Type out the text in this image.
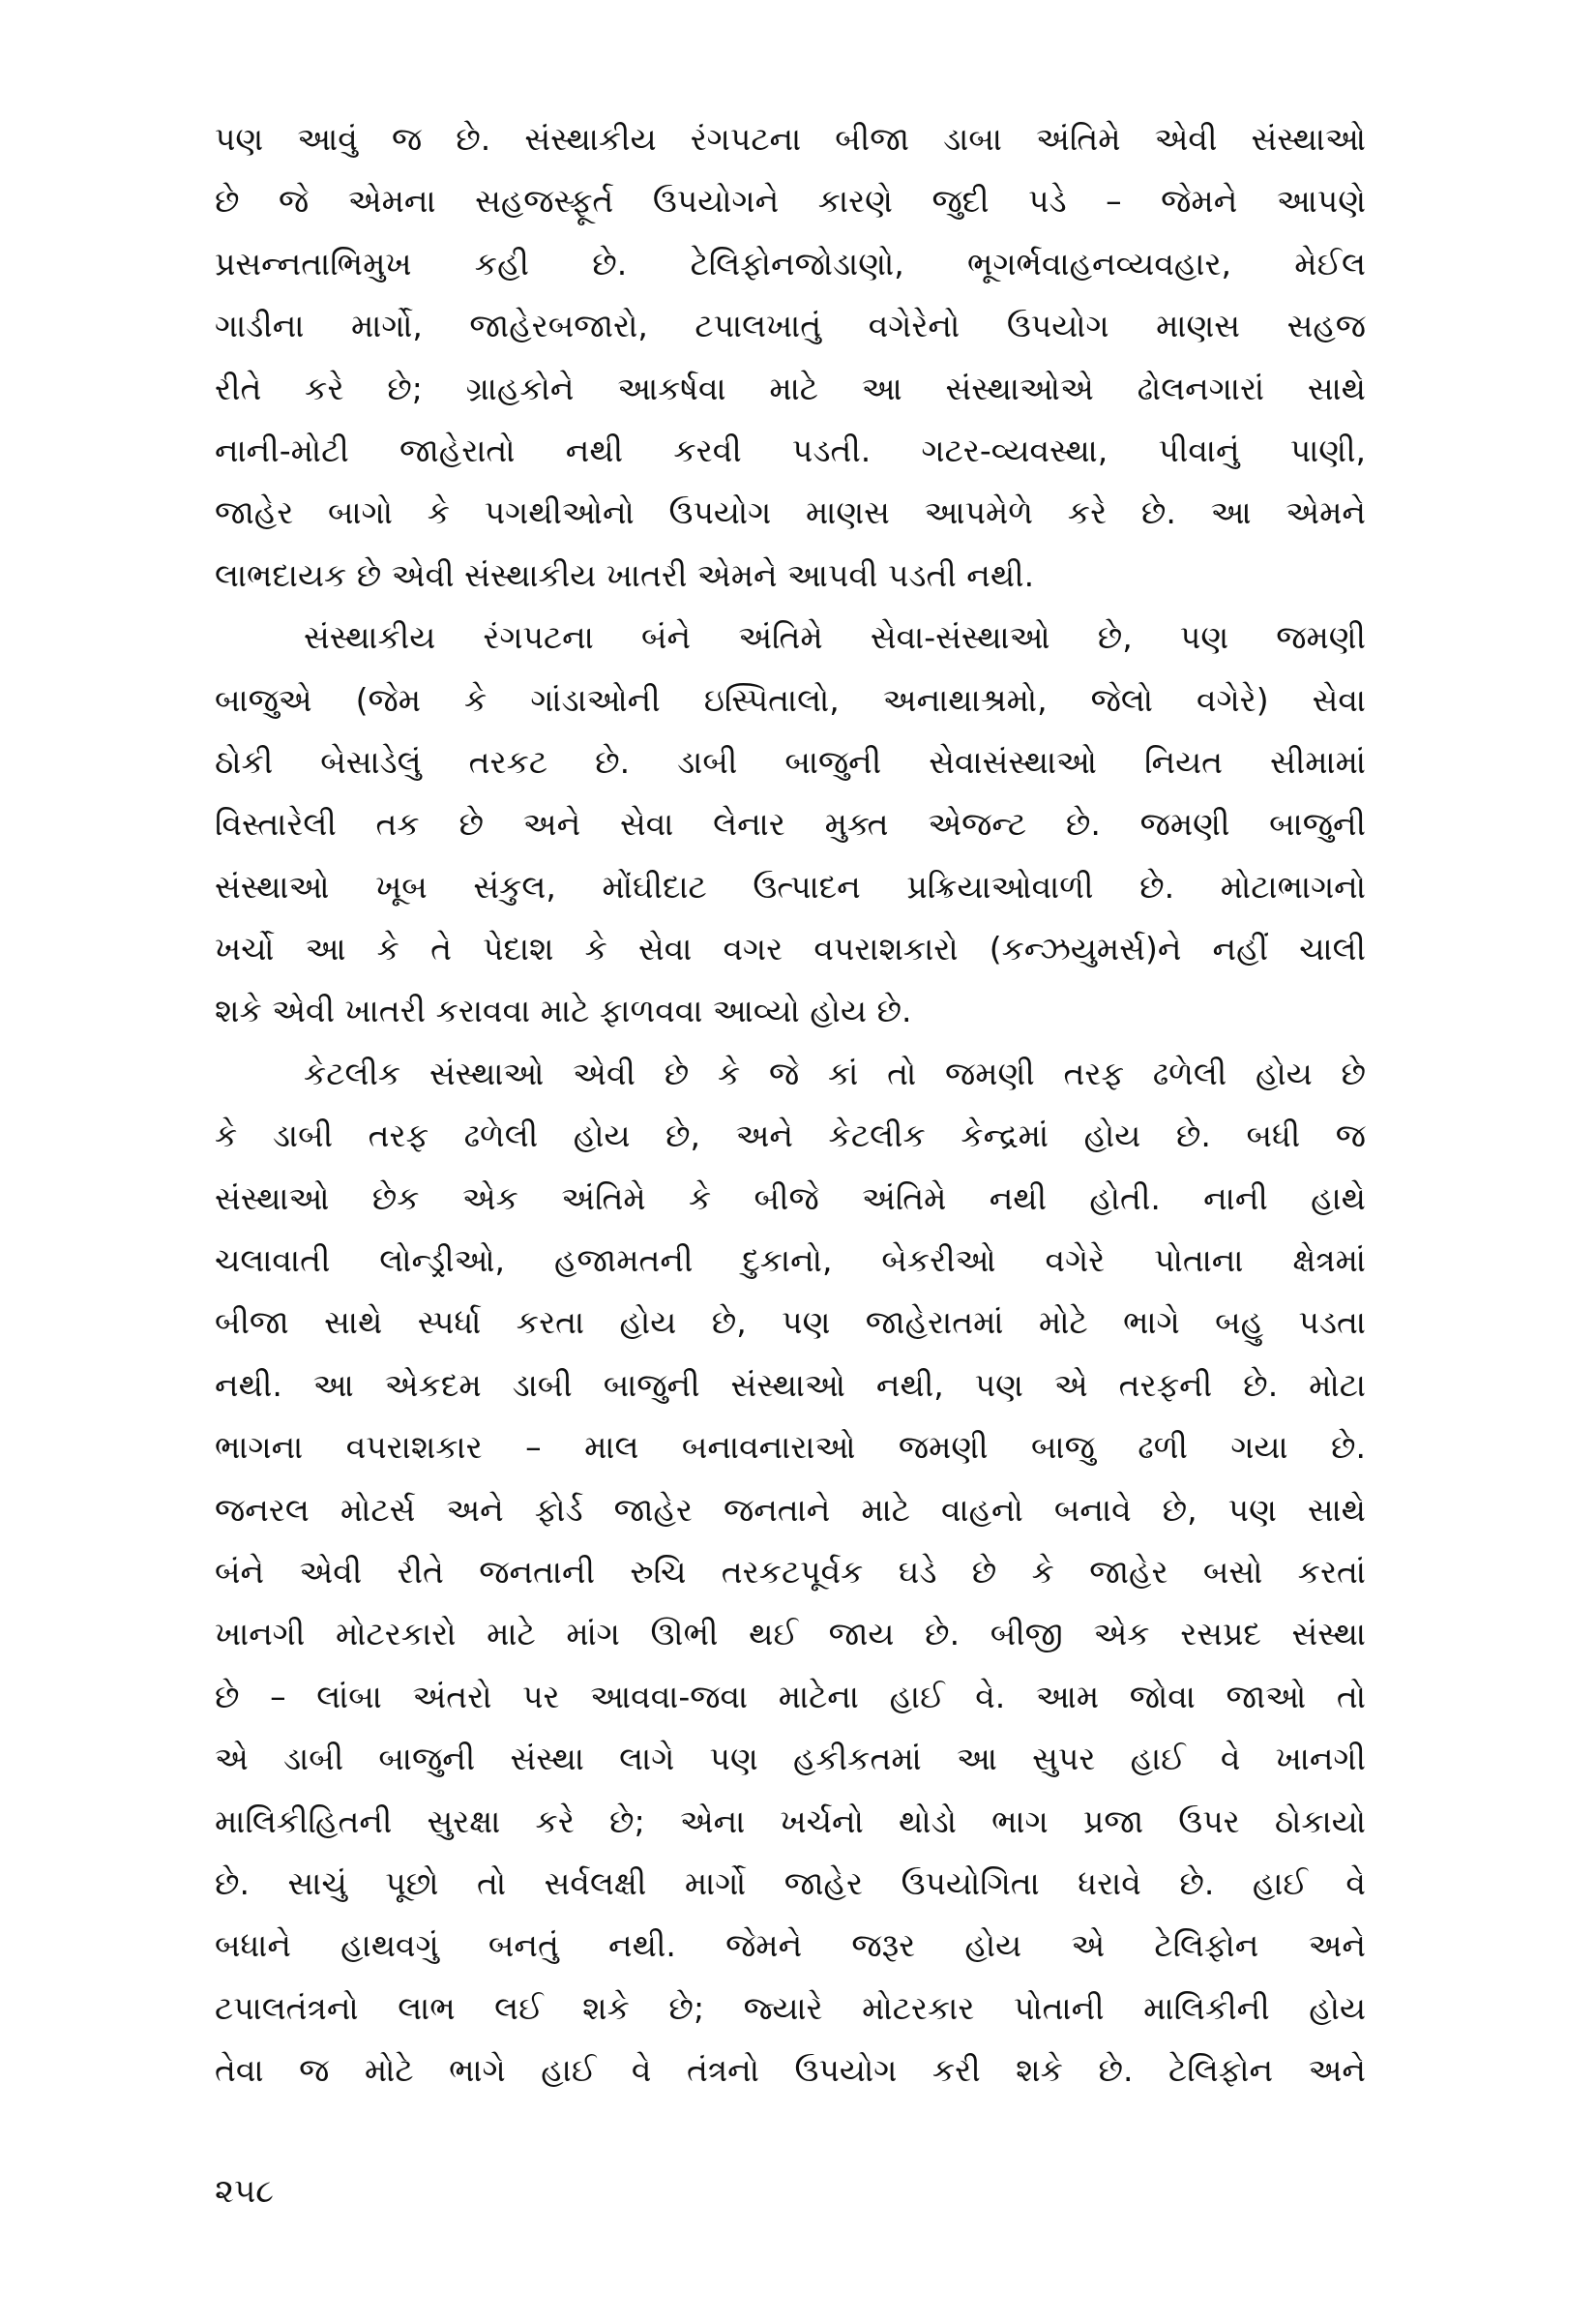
પણ આવું જ છે. સંસ્થાકીય રંગપટના બીજા ડાબા અંતિમે એવી સંસ્થાઓ
છે જે એમના સહજસ્ફૂર્ત ઉપયોગને કારણે જુદી પડે – જેમને આપણે
પ્રસન્નતાભિમુખ કહી છે. ટેલિફોનજોડાણો, ભૂગર્ભવાહનવ્યવહાર, મેઈલ
ગાડીના માર્ગો, જાહેરબજારો, ટપાલખાતું વગેરેનો ઉપયોગ માણસ સહજ
રીતે કરે છે; ગ્રાહકોને આકર્ષવા માટે આ સંસ્થાઓએ ઢોલનગારાં સાથે
નાની-મોટી જાહેરાતો નથી કરવી પડતી. ગટર-વ્યવસ્થા, પીવાનું પાણી,
જાહેર બાગો કે પગથીઓનો ઉપયોગ માણસ આપમેળે કરે છે. આ એમને
લાભદાયક છે એવી સંસ્થાકીય ખાતરી એમને આપવી પડતી નથી.
સંસ્થાકીય રંગપટના બંને અંતિમે સેવા-સંસ્થાઓ છે, પણ જમણી
બાજુએ (જેમ કે ગાંડાઓની ઇસ્પિતાલો, અનાથાશ્રમો, જેલો વગેરે) સેવા
ઠોકી બેસાડેલું તરકટ છે. ડાબી બાજુની સેવાસંસ્થાઓ નિયત સીમામાં
વિસ્તારેલી તક છે અને સેવા લેનાર મુક્ત એજન્ટ છે. જમણી બાજુની
સંસ્થાઓ ખૂબ સંકુલ, મોંઘીદાટ ઉત્પાદન પ્રક્રિયાઓવાળી છે. મોટાભાગનો
ખર્ચો આ કે તે પેદાશ કે સેવા વગર વપરાશકારો (કન્ઝયુમર્સ)ને નહીં ચાલી
શકે એવી ખાતરી કરાવવા માટે ફાળવવા આવ્યો હોય છે.
કેટલીક સંસ્થાઓ એવી છે કે જે કાં તો જમણી તરફ ઢળેલી હોય છે
કે ડાબી તરફ ઢળેલી હોય છે, અને કેટલીક કેન્દ્રમાં હોય છે. બધી જ
સંસ્થાઓ છેક એક અંતિમે કે બીજે અંતિમે નથી હોતી. નાની હાથે
ચલાવાતી લોન્ડ્રીઓ, હજામતની દુકાનો, બેકરીઓ વગેરે પોતાના ક્ષેત્રમાં
બીજા સાથે સ્પર્ધા કરતા હોય છે, પણ જાહેરાતમાં મોટે ભાગે બહુ પડતા
નથી. આ એકદમ ડાબી બાજુની સંસ્થાઓ નથી, પણ એ તરફની છે. મોટા
ભાગના વપરાશકાર – માલ બનાવનારાઓ જમણી બાજુ ઢળી ગયા છે.
જનરલ મોટર્સ અને ફોર્ડ જાહેર જનતાને માટે વાહનો બનાવે છે, પણ સાથે
બંને એવી રીતે જનતાની રુચિ તરકટપૂર્વક ઘડે છે કે જાહેર બસો કરતાં
ખાનગી મોટરકારો માટે માંગ ઊભી થઈ જાય છે. બીજી એક રસપ્રદ સંસ્થા
છે – લાંબા અંતરો પર આવવા-જવા માટેના હાઈ વે. આમ જોવા જાઓ તો
એ ડાબી બાજુની સંસ્થા લાગે પણ હકીકતમાં આ સુપર હાઈ વે ખાનગી
માલિકીહિતની સુરક્ષા કરે છે; એના ખર્ચનો થોડો ભાગ પ્રજા ઉપર ઠોકાયો
છે. સાચું પૂછો તો સર્વલક્ષી માર્ગો જાહેર ઉપયોગિતા ધરાવે છે. હાઈ વે
બધાને હાથવગું બનતું નથી. જેમને જરૂર હોય એ ટેલિફોન અને
ટપાલતંત્રનો લાભ લઈ શકે છે; જ્યારે મોટરકાર પોતાની માલિકીની હોય
તેવા જ મોટે ભાગે હાઈ વે તંત્રનો ઉપયોગ કરી શકે છે. ટેલિફોન અને
૨૫૮
